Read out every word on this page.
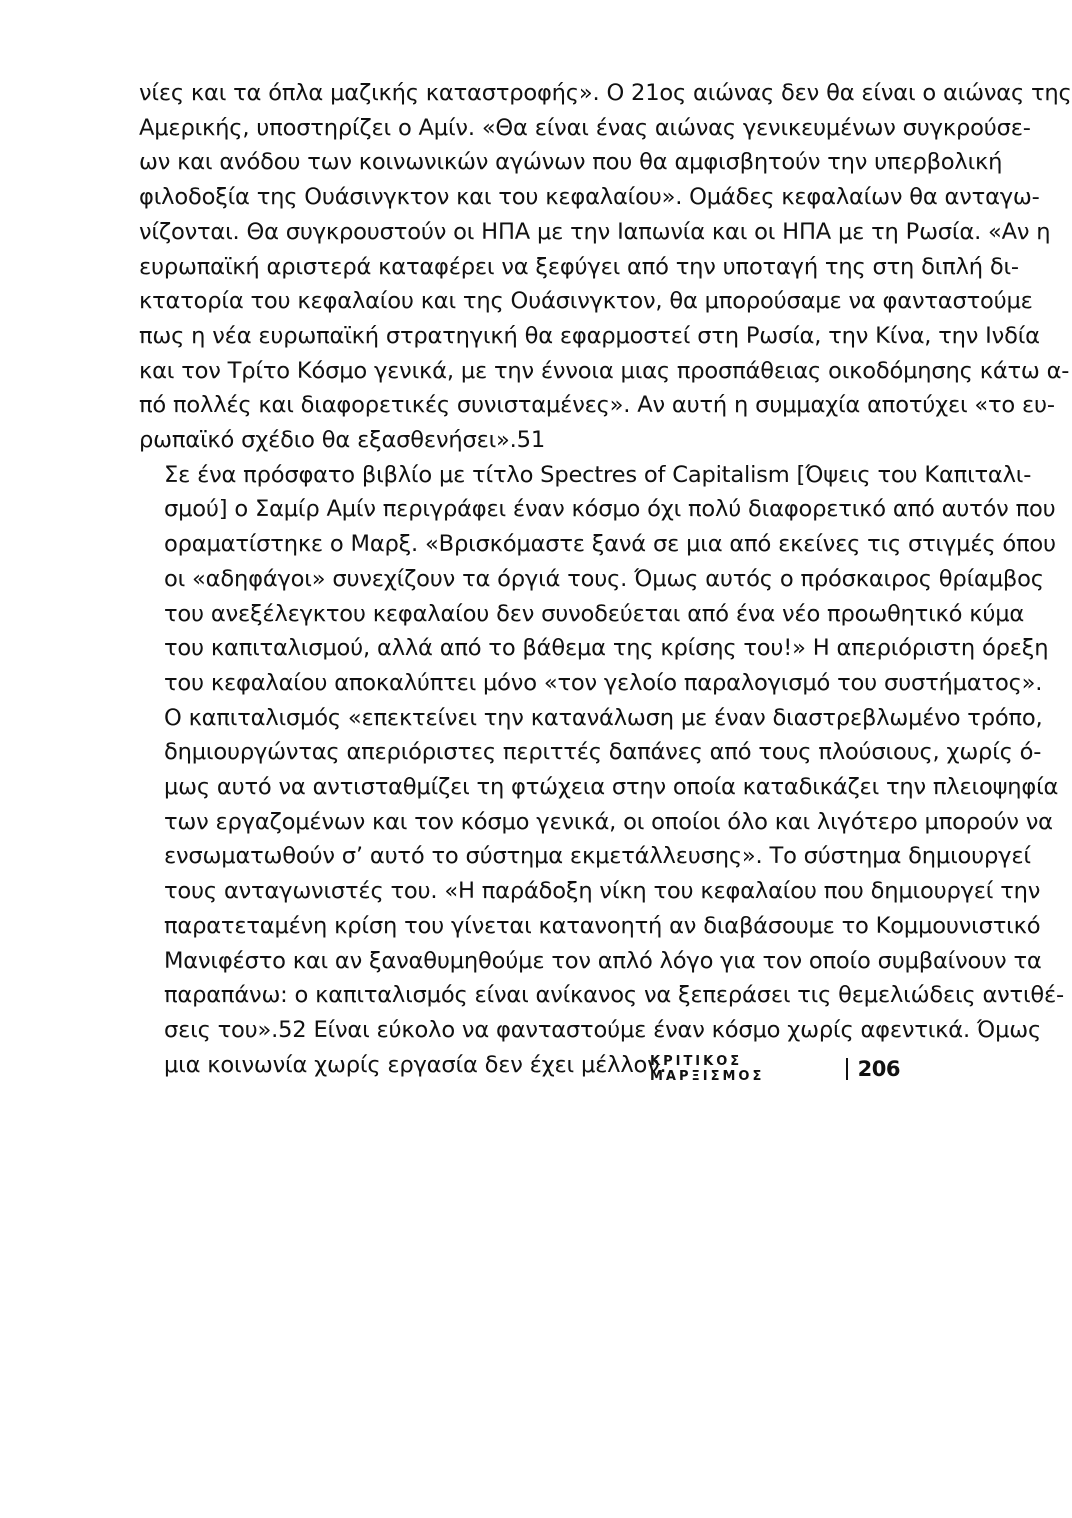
νίες και τα όπλα μαζικής καταστροφής». Ο 21ος αιώνας δεν θα είναι ο αιώνας της
Αμερικής, υποστηρίζει ο Αμίν. «Θα είναι ένας αιώνας γενικευμένων συγκρούσε-
ων και ανόδου των κοινωνικών αγώνων που θα αμφισβητούν την υπερβολική
φιλοδοξία της Ουάσινγκτον και του κεφαλαίου». Ομάδες κεφαλαίων θα ανταγω-
νίζονται. Θα συγκρουστούν οι ΗΠΑ με την Ιαπωνία και οι ΗΠΑ με τη Ρωσία. «Αν η
ευρωπαϊκή αριστερά καταφέρει να ξεφύγει από την υποταγή της στη διπλή δι-
κτατορία του κεφαλαίου και της Ουάσινγκτον, θα μπορούσαμε να φανταστούμε
πως η νέα ευρωπαϊκή στρατηγική θα εφαρμοστεί στη Ρωσία, την Κίνα, την Ινδία
και τον Τρίτο Κόσμο γενικά, με την έννοια μιας προσπάθειας οικοδόμησης κάτω α-
πό πολλές και διαφορετικές συνισταμένες». Αν αυτή η συμμαχία αποτύχει «το ευ-
ρωπαϊκό σχέδιο θα εξασθενήσει».51

Σε ένα πρόσφατο βιβλίο με τίτλο Spectres of Capitalism [Όψεις του Καπιταλι-
σμού] ο Σαμίρ Αμίν περιγράφει έναν κόσμο όχι πολύ διαφορετικό από αυτόν που
οραματίστηκε ο Μαρξ. «Βρισκόμαστε ξανά σε μια από εκείνες τις στιγμές όπου
οι «αδηφάγοι» συνεχίζουν τα όργιά τους. Όμως αυτός ο πρόσκαιρος θρίαμβος
του ανεξέλεγκτου κεφαλαίου δεν συνοδεύεται από ένα νέο προωθητικό κύμα
του καπιταλισμού, αλλά από το βάθεμα της κρίσης του!» Η απεριόριστη όρεξη
του κεφαλαίου αποκαλύπτει μόνο «τον γελοίο παραλογισμό του συστήματος».
Ο καπιταλισμός «επεκτείνει την κατανάλωση με έναν διαστρεβλωμένο τρόπο,
δημιουργώντας απεριόριστες περιττές δαπάνες από τους πλούσιους, χωρίς ό-
μως αυτό να αντισταθμίζει τη φτώχεια στην οποία καταδικάζει την πλειοψηφία
των εργαζομένων και τον κόσμο γενικά, οι οποίοι όλο και λιγότερο μπορούν να
ενσωματωθούν σ’ αυτό το σύστημα εκμετάλλευσης». Το σύστημα δημιουργεί
τους ανταγωνιστές του. «Η παράδοξη νίκη του κεφαλαίου που δημιουργεί την
παρατεταμένη κρίση του γίνεται κατανοητή αν διαβάσουμε το Κομμουνιστικό
Μανιφέστο και αν ξαναθυμηθούμε τον απλό λόγο για τον οποίο συμβαίνουν τα
παραπάνω: ο καπιταλισμός είναι ανίκανος να ξεπεράσει τις θεμελιώδεις αντιθέ-
σεις του».52 Είναι εύκολο να φανταστούμε έναν κόσμο χωρίς αφεντικά. Όμως
μια κοινωνία χωρίς εργασία δεν έχει μέλλον.

ΚΡΙΤΙΚΟΣ ΜΑΡΞΙΣΜΟΣ	206
